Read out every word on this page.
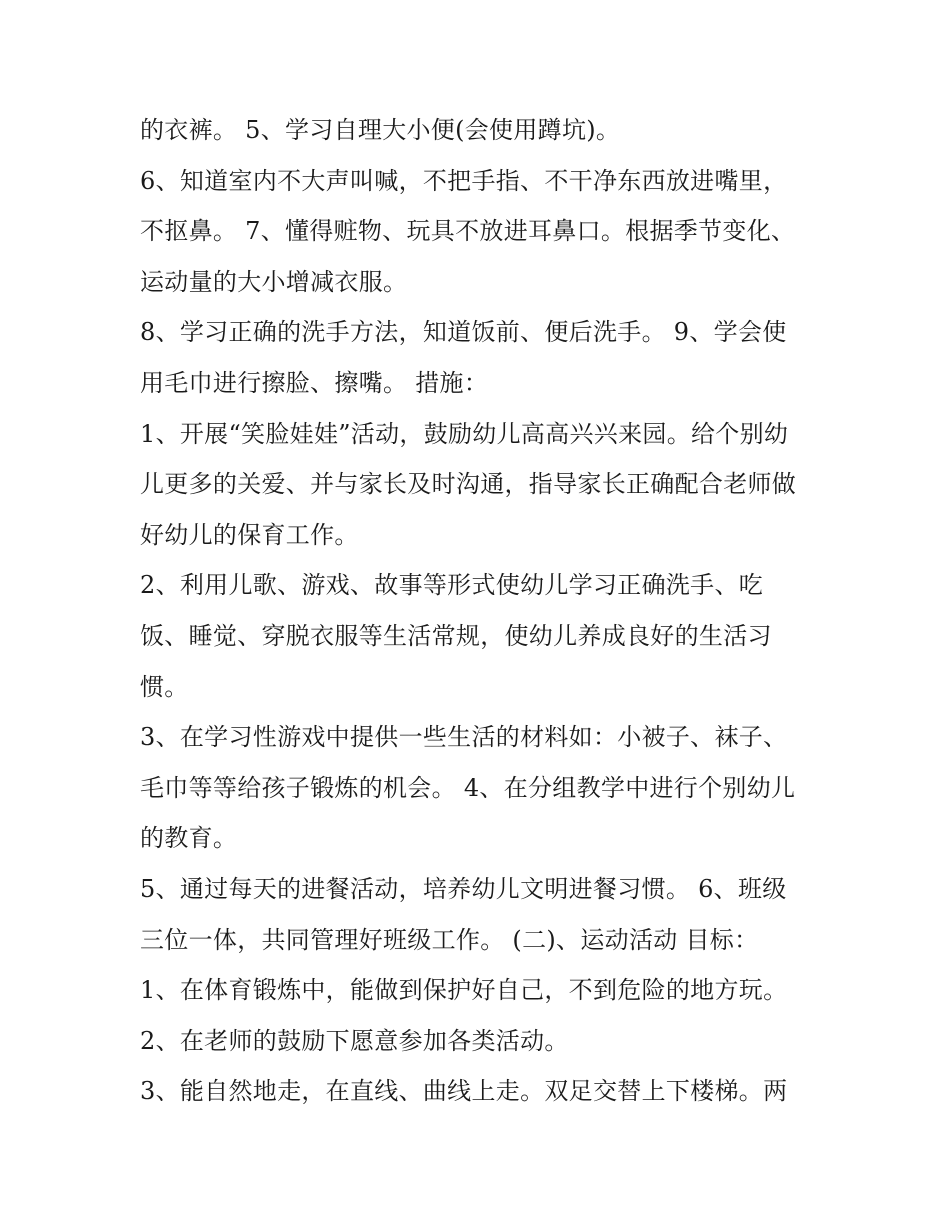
的衣裤。 5、学习自理大小便(会使用蹲坑)。
6、知道室内不大声叫喊，不把手指、不干净东西放进嘴里，
不抠鼻。 7、懂得赃物、玩具不放进耳鼻口。根据季节变化、
运动量的大小增减衣服。
8、学习正确的洗手方法，知道饭前、便后洗手。 9、学会使
用毛巾进行擦脸、擦嘴。 措施：
1、开展“笑脸娃娃”活动，鼓励幼儿高高兴兴来园。给个别幼
儿更多的关爱、并与家长及时沟通，指导家长正确配合老师做
好幼儿的保育工作。
2、利用儿歌、游戏、故事等形式使幼儿学习正确洗手、吃
饭、睡觉、穿脱衣服等生活常规，使幼儿养成良好的生活习
惯。
3、在学习性游戏中提供一些生活的材料如：小被子、袜子、
毛巾等等给孩子锻炼的机会。 4、在分组教学中进行个别幼儿
的教育。
5、通过每天的进餐活动，培养幼儿文明进餐习惯。 6、班级
三位一体，共同管理好班级工作。 (二)、运动活动 目标：
1、在体育锻炼中，能做到保护好自己，不到危险的地方玩。
2、在老师的鼓励下愿意参加各类活动。
3、能自然地走，在直线、曲线上走。双足交替上下楼梯。两
